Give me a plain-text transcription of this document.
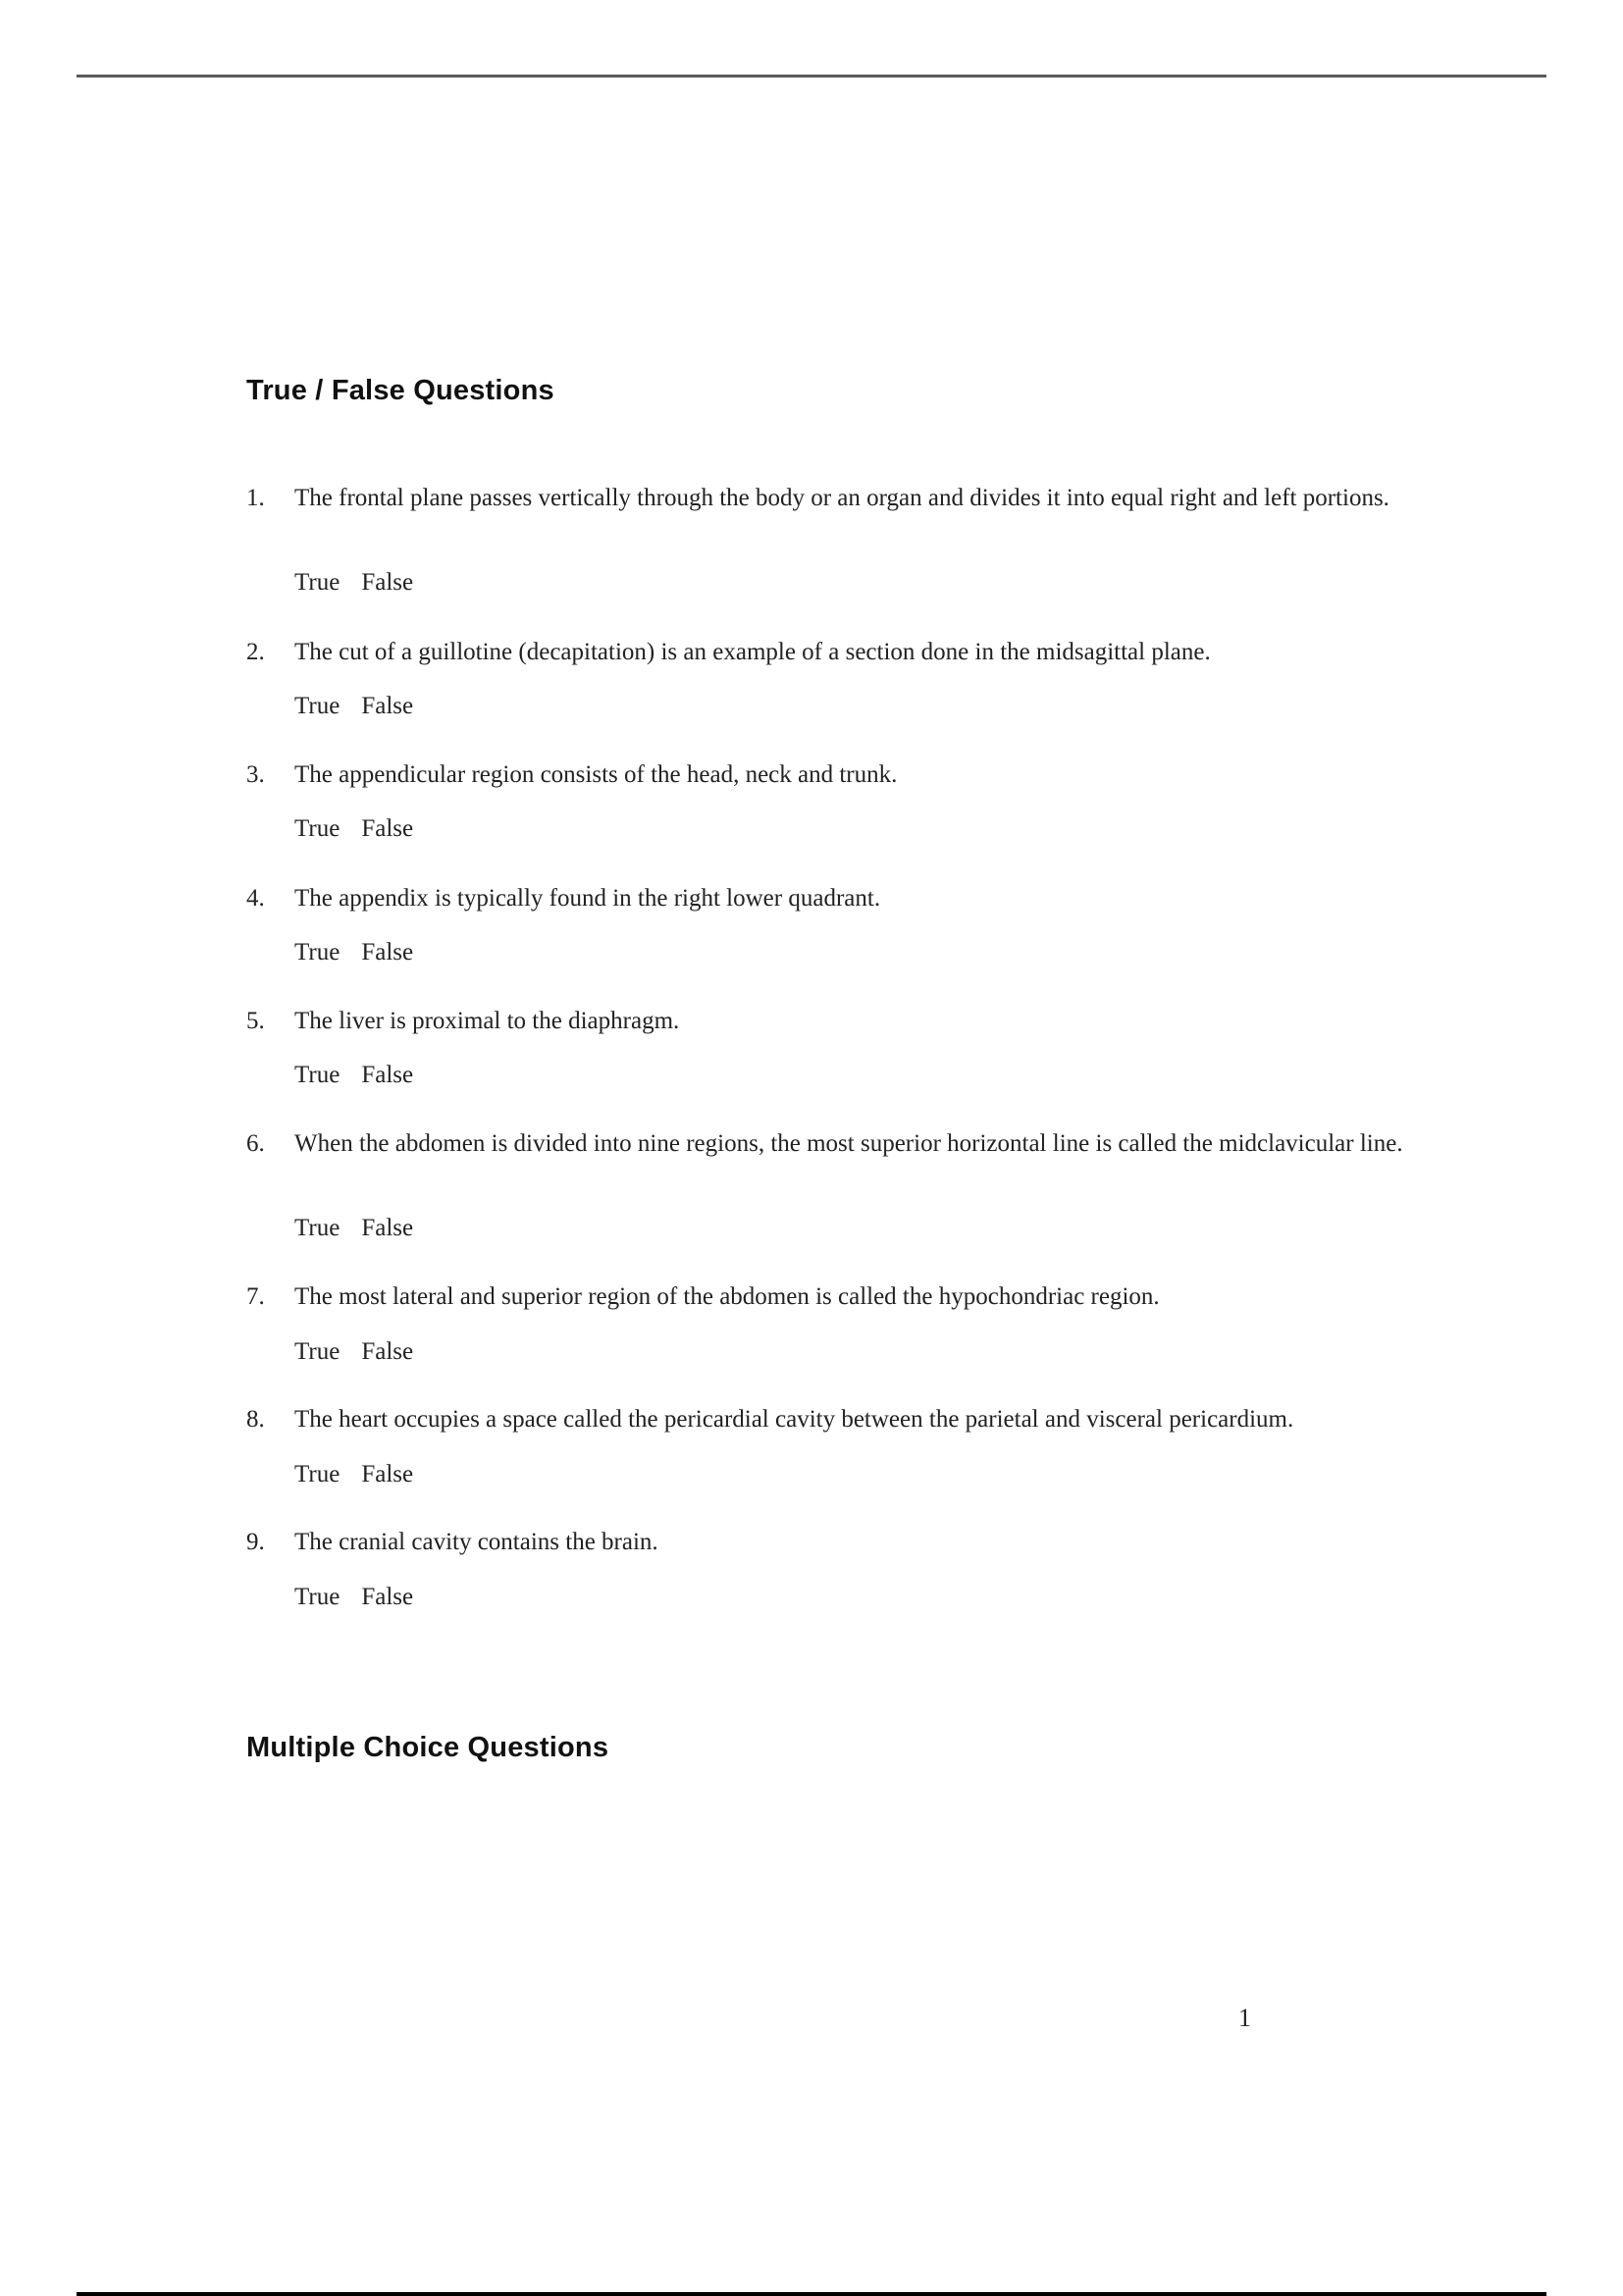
True / False Questions
1.	The frontal plane passes vertically through the body or an organ and divides it into equal right and left portions.
True False
2.	The cut of a guillotine (decapitation) is an example of a section done in the midsagittal plane.
True False
3.	The appendicular region consists of the head, neck and trunk.
True False
4.	The appendix is typically found in the right lower quadrant.
True False
5.	The liver is proximal to the diaphragm.
True False
6.	When the abdomen is divided into nine regions, the most superior horizontal line is called the midclavicular line.
True False
7.	The most lateral and superior region of the abdomen is called the hypochondriac region.
True False
8.	The heart occupies a space called the pericardial cavity between the parietal and visceral pericardium.
True False
9.	The cranial cavity contains the brain.
True False
Multiple Choice Questions
1
